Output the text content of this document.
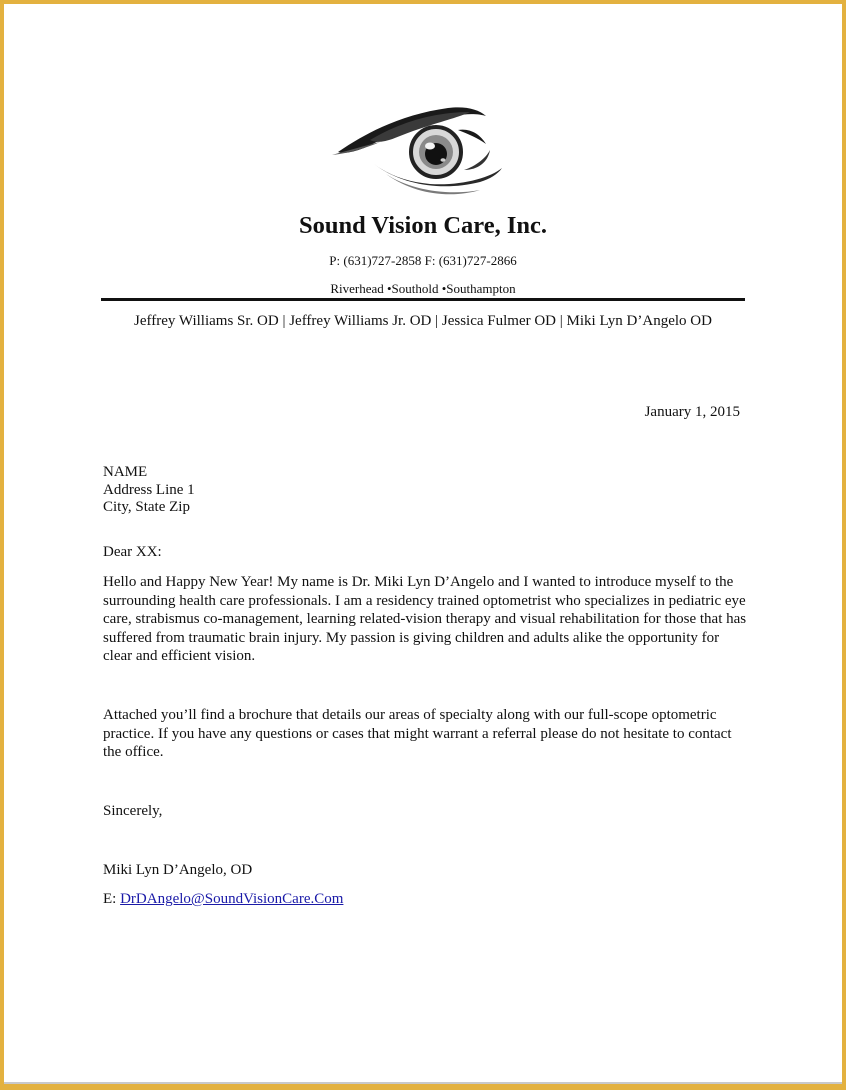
Sound Vision Care, Inc.
P: (631)727-2858 F: (631)727-2866
Riverhead •Southold •Southampton
Jeffrey Williams Sr. OD | Jeffrey Williams Jr. OD | Jessica Fulmer OD | Miki Lyn D’Angelo OD
January 1, 2015
NAME
Address Line 1
City, State Zip
Dear XX:
Hello and Happy New Year! My name is Dr. Miki Lyn D’Angelo and I wanted to introduce myself to the surrounding health care professionals. I am a residency trained optometrist who specializes in pediatric eye care, strabismus co-management, learning related-vision therapy and visual rehabilitation for those that has suffered from traumatic brain injury. My passion is giving children and adults alike the opportunity for clear and efficient vision.
Attached you’ll find a brochure that details our areas of specialty along with our full-scope optometric practice. If you have any questions or cases that might warrant a referral please do not hesitate to contact the office.
Sincerely,
Miki Lyn D’Angelo, OD
E: DrDAngelo@SoundVisionCare.Com
